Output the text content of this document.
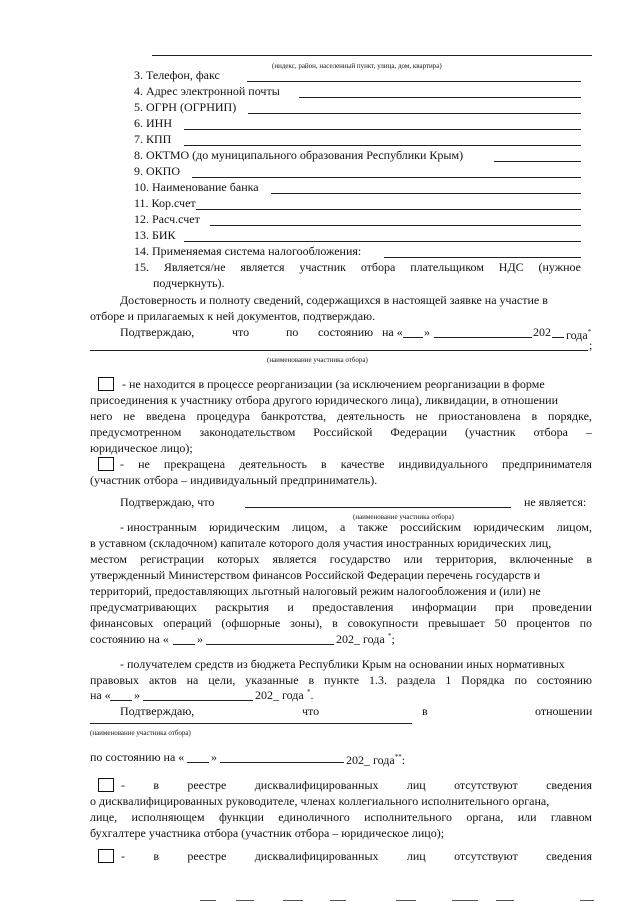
(индекс, район, населенный пункт, улица, дом, квартира)
3. Телефон, факс
4. Адрес электронной почты
5. ОГРН (ОГРНИП)
6. ИНН
7. КПП
8. ОКТМО (до муниципального образования Республики Крым)
9. ОКПО
10. Наименование банка
11. Кор.счет
12. Расч.счет
13. БИК
14. Применяемая система налогообложения:
15. Является/не является участник отбора плательщиком НДС (нужное
подчеркнуть).
Достоверность и полноту сведений, содержащихся в настоящей заявке на участие в
отборе и прилагаемых к ней документов, подтверждаю.
Подтверждаю,	что	по состоянию на « »	202 года*
;
(наименование участника отбора)
- не находится в процессе реорганизации (за исключением реорганизации в форме
присоединения к участнику отбора другого юридического лица), ликвидации, в отношении
него не введена процедура банкротства, деятельность не приостановлена в порядке,
предусмотренном законодательством Российской Федерации (участник отбора –
юридическое лицо);
- не прекращена деятельность в качестве индивидуального предпринимателя
(участник отбора – индивидуальный предприниматель).
Подтверждаю, что	не является:
(наименование участника отбора)
- иностранным юридическим лицом, а также российским юридическим лицом,
в уставном (складочном) капитале которого доля участия иностранных юридических лиц,
местом регистрации которых является государство или территория, включенные в
утвержденный Министерством финансов Российской Федерации перечень государств и
территорий, предоставляющих льготный налоговый режим налогообложения и (или) не
предусматривающих раскрытия и предоставления информации при проведении
финансовых операций (офшорные зоны), в совокупности превышает 50 процентов по
состоянию на « »	202_ года *;
- получателем средств из бюджета Республики Крым на основании иных нормативных
правовых актов на цели, указанные в пункте 1.3. раздела 1 Порядка по состоянию
на « »	202_ года *.
Подтверждаю,	что	в	отношении
(наименование участника отбора)
по состоянию на « »	202_ года**:
- в реестре дисквалифицированных лиц отсутствуют сведения
о дисквалифицированных руководителе, членах коллегиального исполнительного органа,
лице, исполняющем функции единоличного исполнительного органа, или главном
бухгалтере участника отбора (участник отбора – юридическое лицо);
- в реестре дисквалифицированных лиц отсутствуют сведения
